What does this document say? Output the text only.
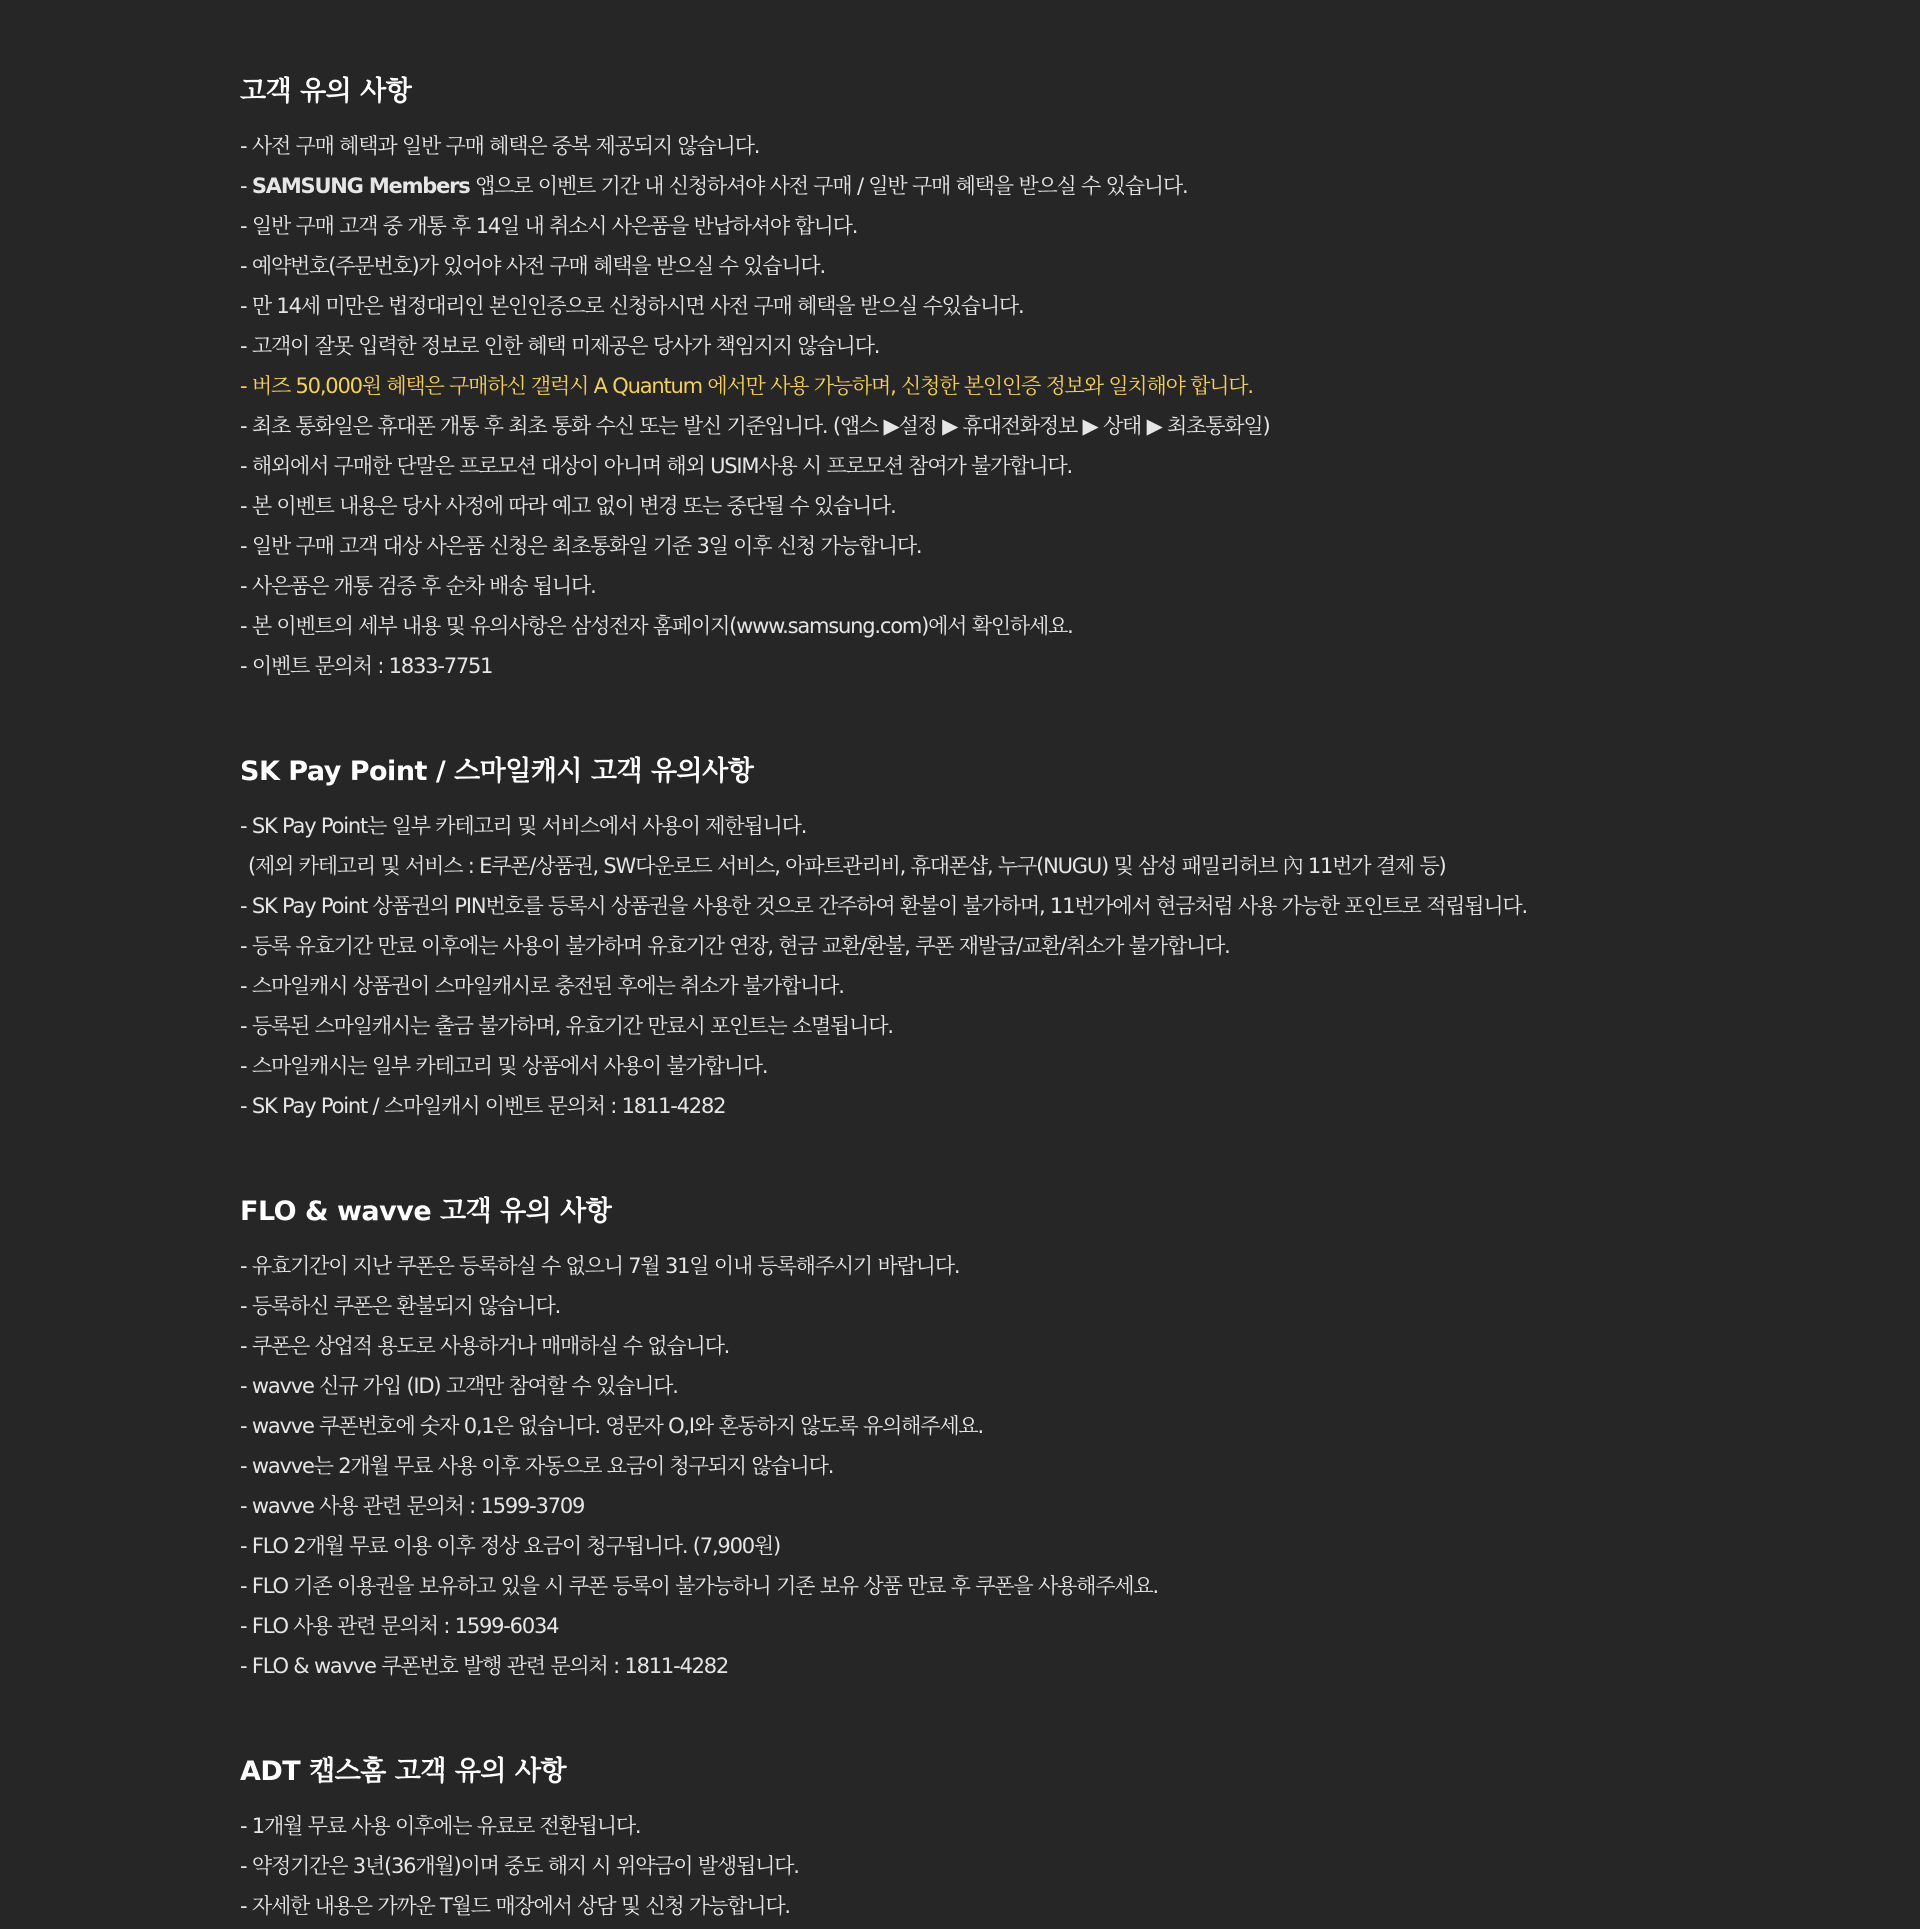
고객 유의 사항
- 사전 구매 혜택과 일반 구매 혜택은 중복 제공되지 않습니다.
- SAMSUNG Members 앱으로 이벤트 기간 내 신청하셔야 사전 구매 / 일반 구매 혜택을 받으실 수 있습니다.
- 일반 구매 고객 중 개통 후 14일 내 취소시 사은품을 반납하셔야 합니다.
- 예약번호(주문번호)가 있어야 사전 구매 혜택을 받으실 수 있습니다.
- 만 14세 미만은 법정대리인 본인인증으로 신청하시면 사전 구매 혜택을 받으실 수있습니다.
- 고객이 잘못 입력한 정보로 인한 혜택 미제공은 당사가 책임지지 않습니다.
- 버즈 50,000원 혜택은 구매하신 갤럭시 A Quantum 에서만 사용 가능하며, 신청한 본인인증 정보와 일치해야 합니다.
- 최초 통화일은 휴대폰 개통 후 최초 통화 수신 또는 발신 기준입니다. (앱스 ▶설정 ▶ 휴대전화정보 ▶ 상태 ▶ 최초통화일)
- 해외에서 구매한 단말은 프로모션 대상이 아니며 해외 USIM사용 시 프로모션 참여가 불가합니다.
- 본 이벤트 내용은 당사 사정에 따라 예고 없이 변경 또는 중단될 수 있습니다.
- 일반 구매 고객 대상 사은품 신청은 최초통화일 기준 3일 이후 신청 가능합니다.
- 사은품은 개통 검증 후 순차 배송 됩니다.
- 본 이벤트의 세부 내용 및 유의사항은 삼성전자 홈페이지(www.samsung.com)에서 확인하세요.
- 이벤트 문의처 : 1833-7751
SK Pay Point / 스마일캐시 고객 유의사항
- SK Pay Point는 일부 카테고리 및 서비스에서 사용이 제한됩니다.
(제외 카테고리 및 서비스 : E쿠폰/상품권, SW다운로드 서비스, 아파트관리비, 휴대폰샵, 누구(NUGU) 및 삼성 패밀리허브 內 11번가 결제 등)
- SK Pay Point 상품권의 PIN번호를 등록시 상품권을 사용한 것으로 간주하여 환불이 불가하며, 11번가에서 현금처럼 사용 가능한 포인트로 적립됩니다.
- 등록 유효기간 만료 이후에는 사용이 불가하며 유효기간 연장, 현금 교환/환불, 쿠폰 재발급/교환/취소가 불가합니다.
- 스마일캐시 상품권이 스마일캐시로 충전된 후에는 취소가 불가합니다.
- 등록된 스마일캐시는 출금 불가하며, 유효기간 만료시 포인트는 소멸됩니다.
- 스마일캐시는 일부 카테고리 및 상품에서 사용이 불가합니다.
- SK Pay Point / 스마일캐시 이벤트 문의처 : 1811-4282
FLO & wavve 고객 유의 사항
- 유효기간이 지난 쿠폰은 등록하실 수 없으니 7월 31일 이내 등록해주시기 바랍니다.
- 등록하신 쿠폰은 환불되지 않습니다.
- 쿠폰은 상업적 용도로 사용하거나 매매하실 수 없습니다.
- wavve 신규 가입 (ID) 고객만 참여할 수 있습니다.
- wavve 쿠폰번호에 숫자 0,1은 없습니다. 영문자 O,I와 혼동하지 않도록 유의해주세요.
- wavve는 2개월 무료 사용 이후 자동으로 요금이 청구되지 않습니다.
- wavve 사용 관련 문의처 : 1599-3709
- FLO 2개월 무료 이용 이후 정상 요금이 청구됩니다. (7,900원)
- FLO 기존 이용권을 보유하고 있을 시 쿠폰 등록이 불가능하니 기존 보유 상품 만료 후 쿠폰을 사용해주세요.
- FLO 사용 관련 문의처 : 1599-6034
- FLO & wavve 쿠폰번호 발행 관련 문의처 : 1811-4282
ADT 캡스홈 고객 유의 사항
- 1개월 무료 사용 이후에는 유료로 전환됩니다.
- 약정기간은 3년(36개월)이며 중도 해지 시 위약금이 발생됩니다.
- 자세한 내용은 가까운 T월드 매장에서 상담 및 신청 가능합니다.
